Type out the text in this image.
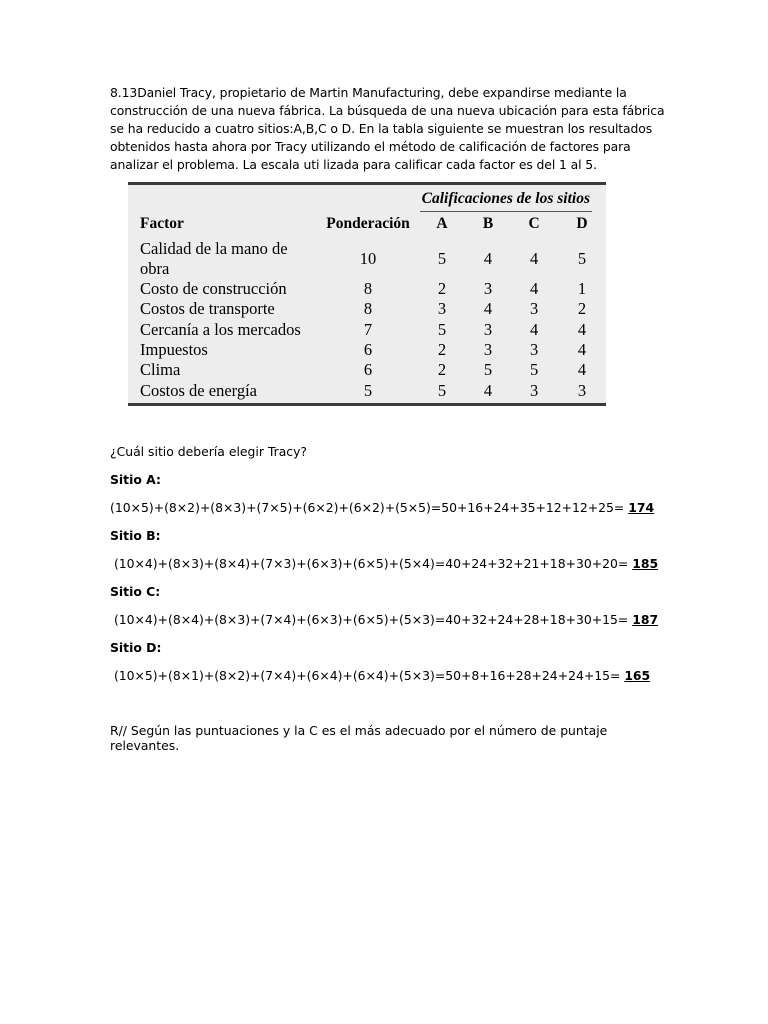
8.13Daniel Tracy, propietario de Martin Manufacturing, debe expandirse mediante la construcción de una nueva fábrica. La búsqueda de una nueva ubicación para esta fábrica se ha reducido a cuatro sitios:A,B,C o D. En la tabla siguiente se muestran los resultados obtenidos hasta ahora por Tracy utilizando el método de calificación de factores para analizar el problema. La escala uti lizada para calificar cada factor es del 1 al 5.

Calificaciones de los sitios
Factor	Ponderación	A	B	C	D
Calidad de la mano de obra	10	5	4	4	5
Costo de construcción	8	2	3	4	1
Costos de transporte	8	3	4	3	2
Cercanía a los mercados	7	5	3	4	4
Impuestos	6	2	3	3	4
Clima	6	2	5	5	4
Costos de energía	5	5	4	3	3
¿Cuál sitio debería elegir Tracy?
Sitio A:
(10×5)+(8×2)+(8×3)+(7×5)+(6×2)+(6×2)+(5×5)=50+16+24+35+12+12+25= 174
Sitio B:
(10×4)+(8×3)+(8×4)+(7×3)+(6×3)+(6×5)+(5×4)=40+24+32+21+18+30+20= 185
Sitio C:
(10×4)+(8×4)+(8×3)+(7×4)+(6×3)+(6×5)+(5×3)=40+32+24+28+18+30+15= 187
Sitio D:
(10×5)+(8×1)+(8×2)+(7×4)+(6×4)+(6×4)+(5×3)=50+8+16+28+24+24+15= 165
R// Según las puntuaciones y la C es el más adecuado por el número de puntaje relevantes.
